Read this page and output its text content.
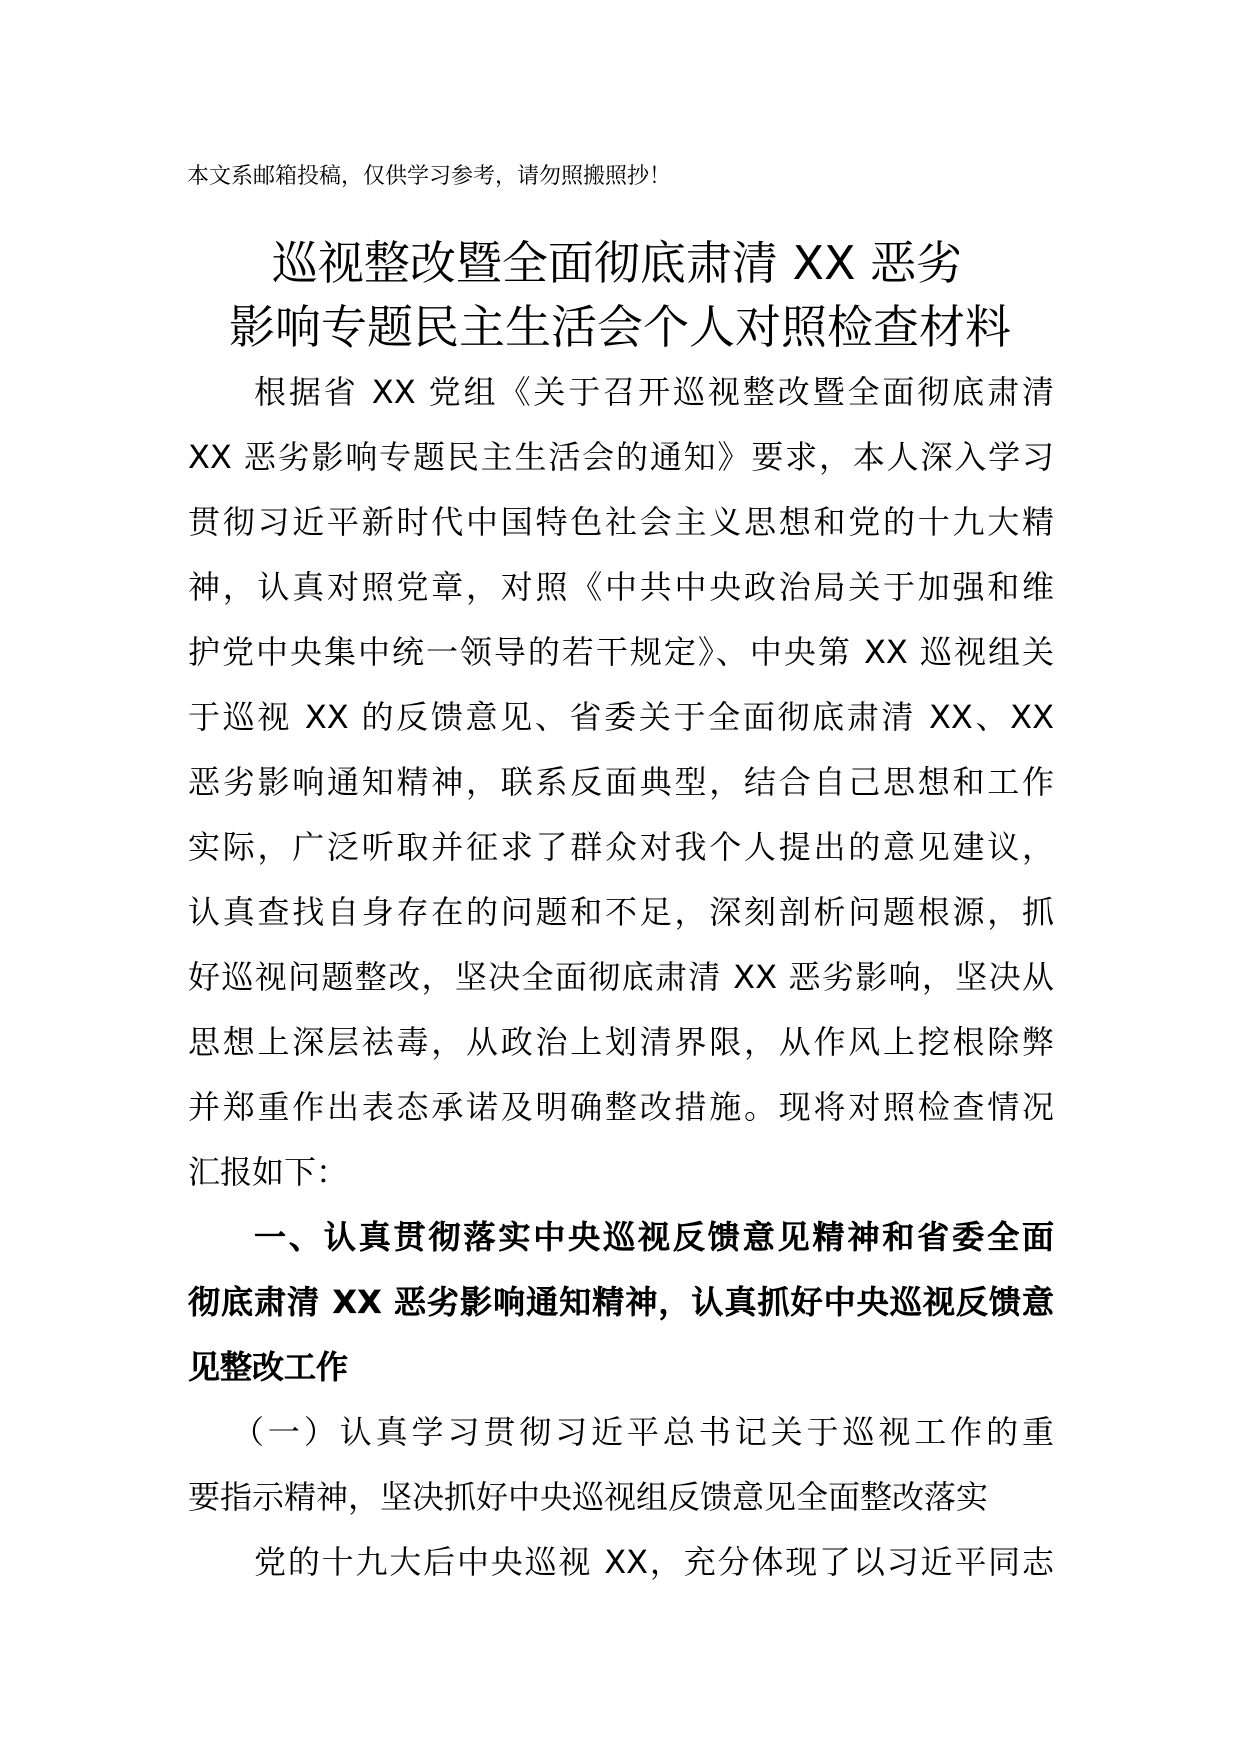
本文系邮箱投稿，仅供学习参考，请勿照搬照抄！
巡视整改暨全面彻底肃清 XX 恶劣
影响专题民主生活会个人对照检查材料

根据省 XX 党组《关于召开巡视整改暨全面彻底肃清
XX 恶劣影响专题民主生活会的通知》要求，本人深入学习
贯彻习近平新时代中国特色社会主义思想和党的十九大精
神，认真对照党章，对照《中共中央政治局关于加强和维
护党中央集中统一领导的若干规定》、中央第 XX 巡视组关
于巡视 XX 的反馈意见、省委关于全面彻底肃清 XX、XX
恶劣影响通知精神，联系反面典型，结合自己思想和工作
实际，广泛听取并征求了群众对我个人提出的意见建议，
认真查找自身存在的问题和不足，深刻剖析问题根源，抓
好巡视问题整改，坚决全面彻底肃清 XX 恶劣影响，坚决从
思想上深层祛毒，从政治上划清界限，从作风上挖根除弊
并郑重作出表态承诺及明确整改措施。现将对照检查情况
汇报如下：

一、认真贯彻落实中央巡视反馈意见精神和省委全面
彻底肃清 XX 恶劣影响通知精神，认真抓好中央巡视反馈意
见整改工作

（一）认真学习贯彻习近平总书记关于巡视工作的重
要指示精神，坚决抓好中央巡视组反馈意见全面整改落实

党的十九大后中央巡视 XX，充分体现了以习近平同志
